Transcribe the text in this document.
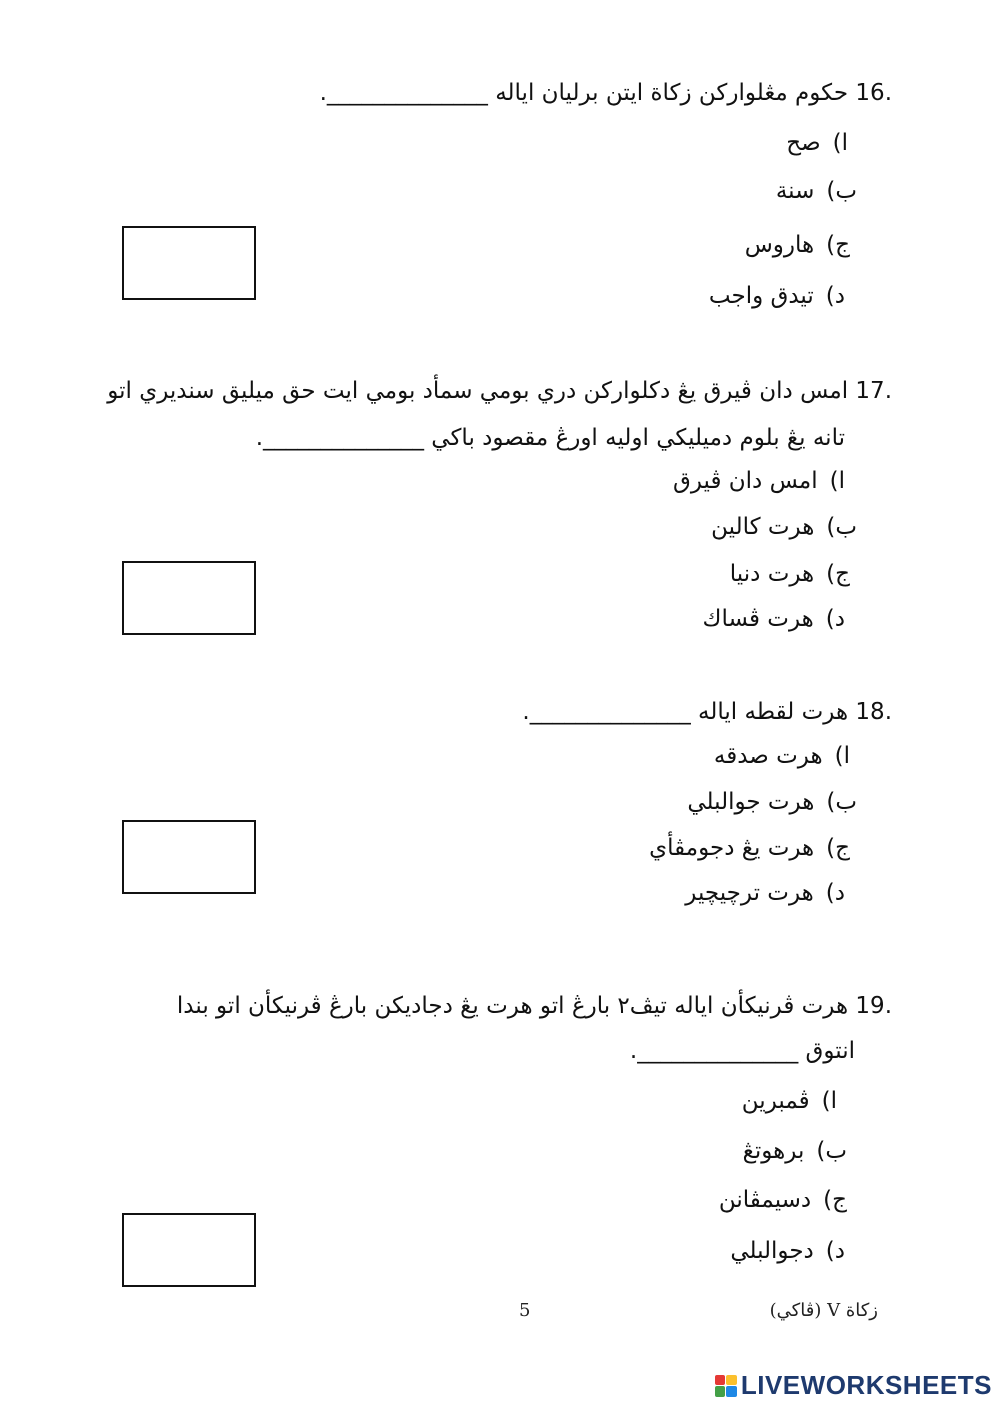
16. حكوم مڠلواركن زكاة ايتن برليان اياله ______________.
ا)صح
ب)سنة
ج)هاروس
د)تيدق واجب
17. امس دان ڤيرق يڠ دكلواركن دري بومي سمأد بومي ايت حق ميليق سنديري اتو
تانه يڠ بلوم دميليکي اوليه اورڠ مقصود باکي ______________.
ا)امس دان ڤيرق
ب)هرت کالين
ج)هرت دنيا
د)هرت ڤساك
18. هرت لقطه اياله ______________.
ا)هرت صدقه
ب)هرت جوالبلي
ج)هرت يڠ دجومڤأي
د)هرت ترچيچير
19. هرت ڤرنيکأن اياله تيڤ٢ بارڠ اتو هرت يڠ دجاديکن بارڠ ڤرنيکأن اتو بندا
انتوق ______________.
ا)ڤمبرين
ب)برهوتڠ
ج)دسيمڤانن
د)دجوالبلي
زكاة V (ڤاکي)
5
LIVEWORKSHEETS
